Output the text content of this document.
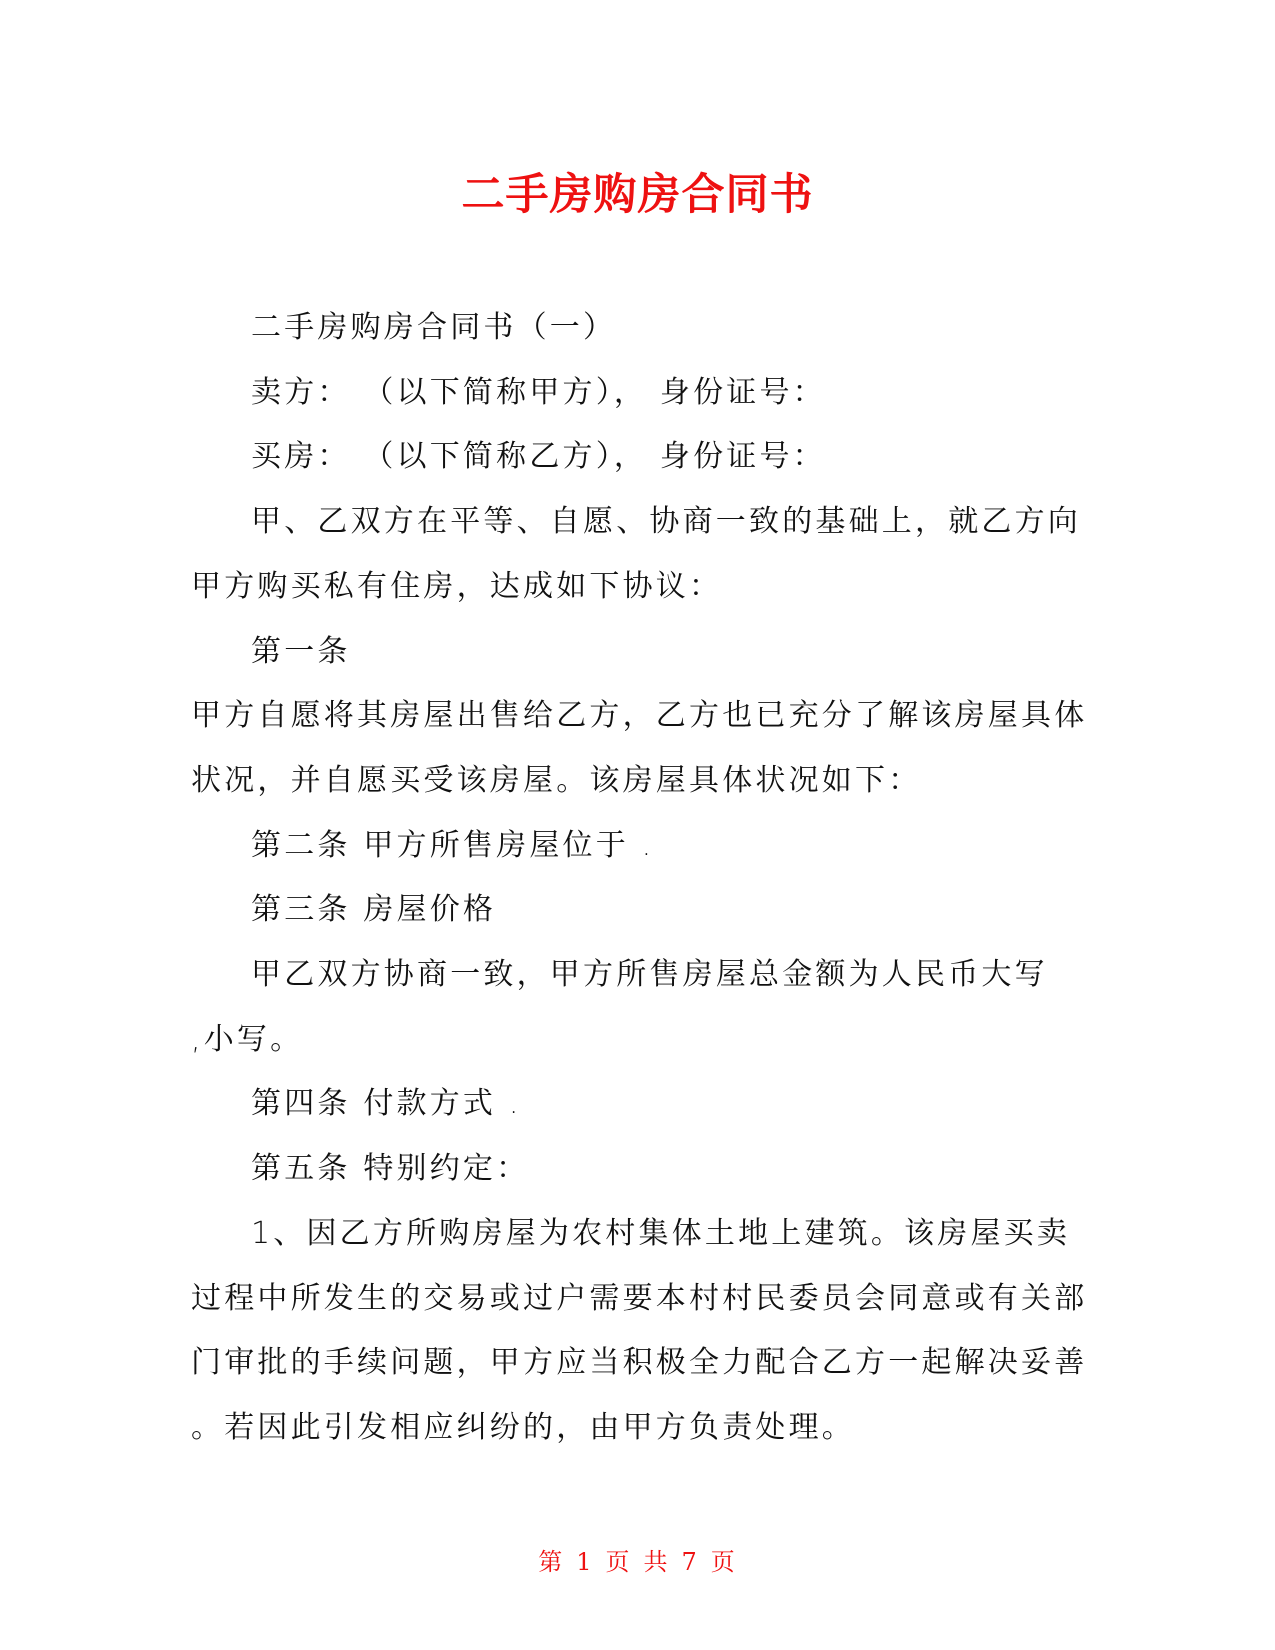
二手房购房合同书

二手房购房合同书（一）

卖方： （以下简称甲方）， 身份证号：

买房： （以下简称乙方）， 身份证号：

甲、乙双方在平等、自愿、协商一致的基础上，就乙方向

甲方购买私有住房，达成如下协议：

第一条

甲方自愿将其房屋出售给乙方，乙方也已充分了解该房屋具体

状况，并自愿买受该房屋。该房屋具体状况如下：

第二条 甲方所售房屋位于 .

第三条 房屋价格

甲乙双方协商一致，甲方所售房屋总金额为人民币大写

,小写。

第四条 付款方式 .

第五条 特别约定：

1、因乙方所购房屋为农村集体土地上建筑。该房屋买卖

过程中所发生的交易或过户需要本村村民委员会同意或有关部

门审批的手续问题，甲方应当积极全力配合乙方一起解决妥善

。若因此引发相应纠纷的，由甲方负责处理。

第 1 页 共 7 页
